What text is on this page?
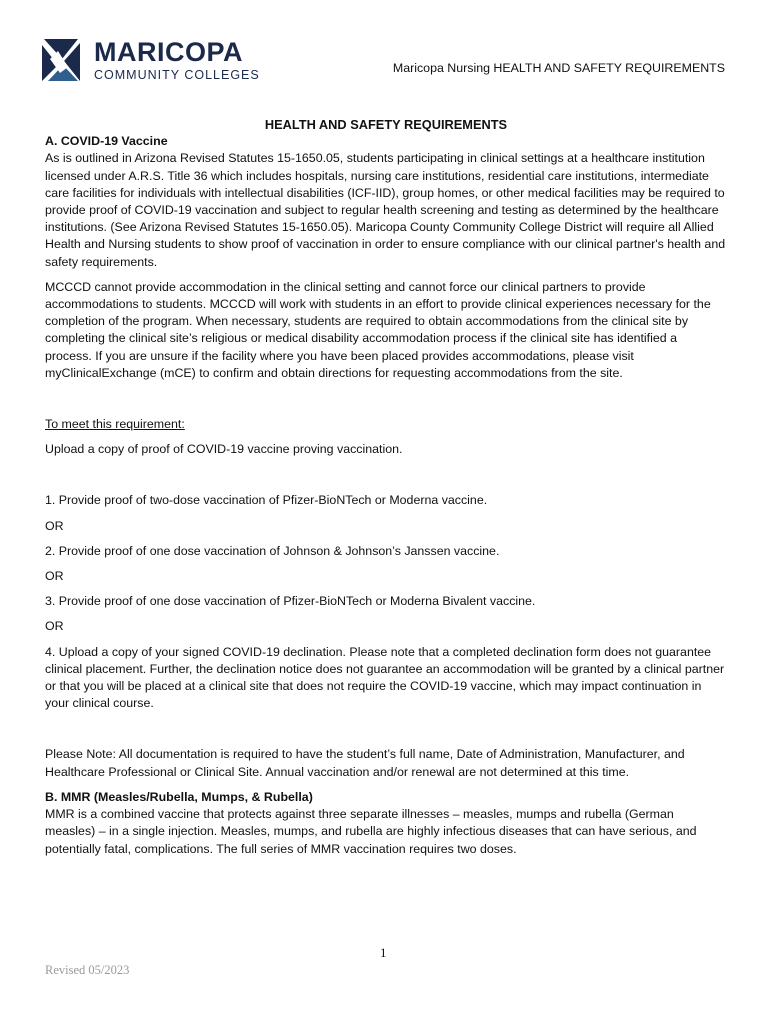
MARICOPA
COMMUNITY COLLEGES	Maricopa Nursing HEALTH AND SAFETY REQUIREMENTS

HEALTH AND SAFETY REQUIREMENTS

A. COVID-19 Vaccine

As is outlined in Arizona Revised Statutes 15-1650.05, students participating in clinical settings at a healthcare institution licensed under A.R.S. Title 36 which includes hospitals, nursing care institutions, residential care institutions, intermediate care facilities for individuals with intellectual disabilities (ICF-IID), group homes, or other medical facilities may be required to provide proof of COVID-19 vaccination and subject to regular health screening and testing as determined by the healthcare institutions. (See Arizona Revised Statutes 15-1650.05). Maricopa County Community College District will require all Allied Health and Nursing students to show proof of vaccination in order to ensure compliance with our clinical partner's health and safety requirements.

MCCCD cannot provide accommodation in the clinical setting and cannot force our clinical partners to provide accommodations to students. MCCCD will work with students in an effort to provide clinical experiences necessary for the completion of the program. When necessary, students are required to obtain accommodations from the clinical site by completing the clinical site’s religious or medical disability accommodation process if the clinical site has identified a process. If you are unsure if the facility where you have been placed provides accommodations, please visit myClinicalExchange (mCE) to confirm and obtain directions for requesting accommodations from the site.

To meet this requirement:

Upload a copy of proof of COVID-19 vaccine proving vaccination.

1. Provide proof of two-dose vaccination of Pfizer-BioNTech or Moderna vaccine.

OR

2. Provide proof of one dose vaccination of Johnson & Johnson’s Janssen vaccine.

OR

3. Provide proof of one dose vaccination of Pfizer-BioNTech or Moderna Bivalent vaccine.

OR

4. Upload a copy of your signed COVID-19 declination. Please note that a completed declination form does not guarantee clinical placement. Further, the declination notice does not guarantee an accommodation will be granted by a clinical partner or that you will be placed at a clinical site that does not require the COVID-19 vaccine, which may impact continuation in your clinical course.

Please Note: All documentation is required to have the student’s full name, Date of Administration, Manufacturer, and Healthcare Professional or Clinical Site. Annual vaccination and/or renewal are not determined at this time.

B. MMR (Measles/Rubella, Mumps, & Rubella)

MMR is a combined vaccine that protects against three separate illnesses – measles, mumps and rubella (German measles) – in a single injection. Measles, mumps, and rubella are highly infectious diseases that can have serious, and potentially fatal, complications. The full series of MMR vaccination requires two doses.

1
Revised 05/2023
